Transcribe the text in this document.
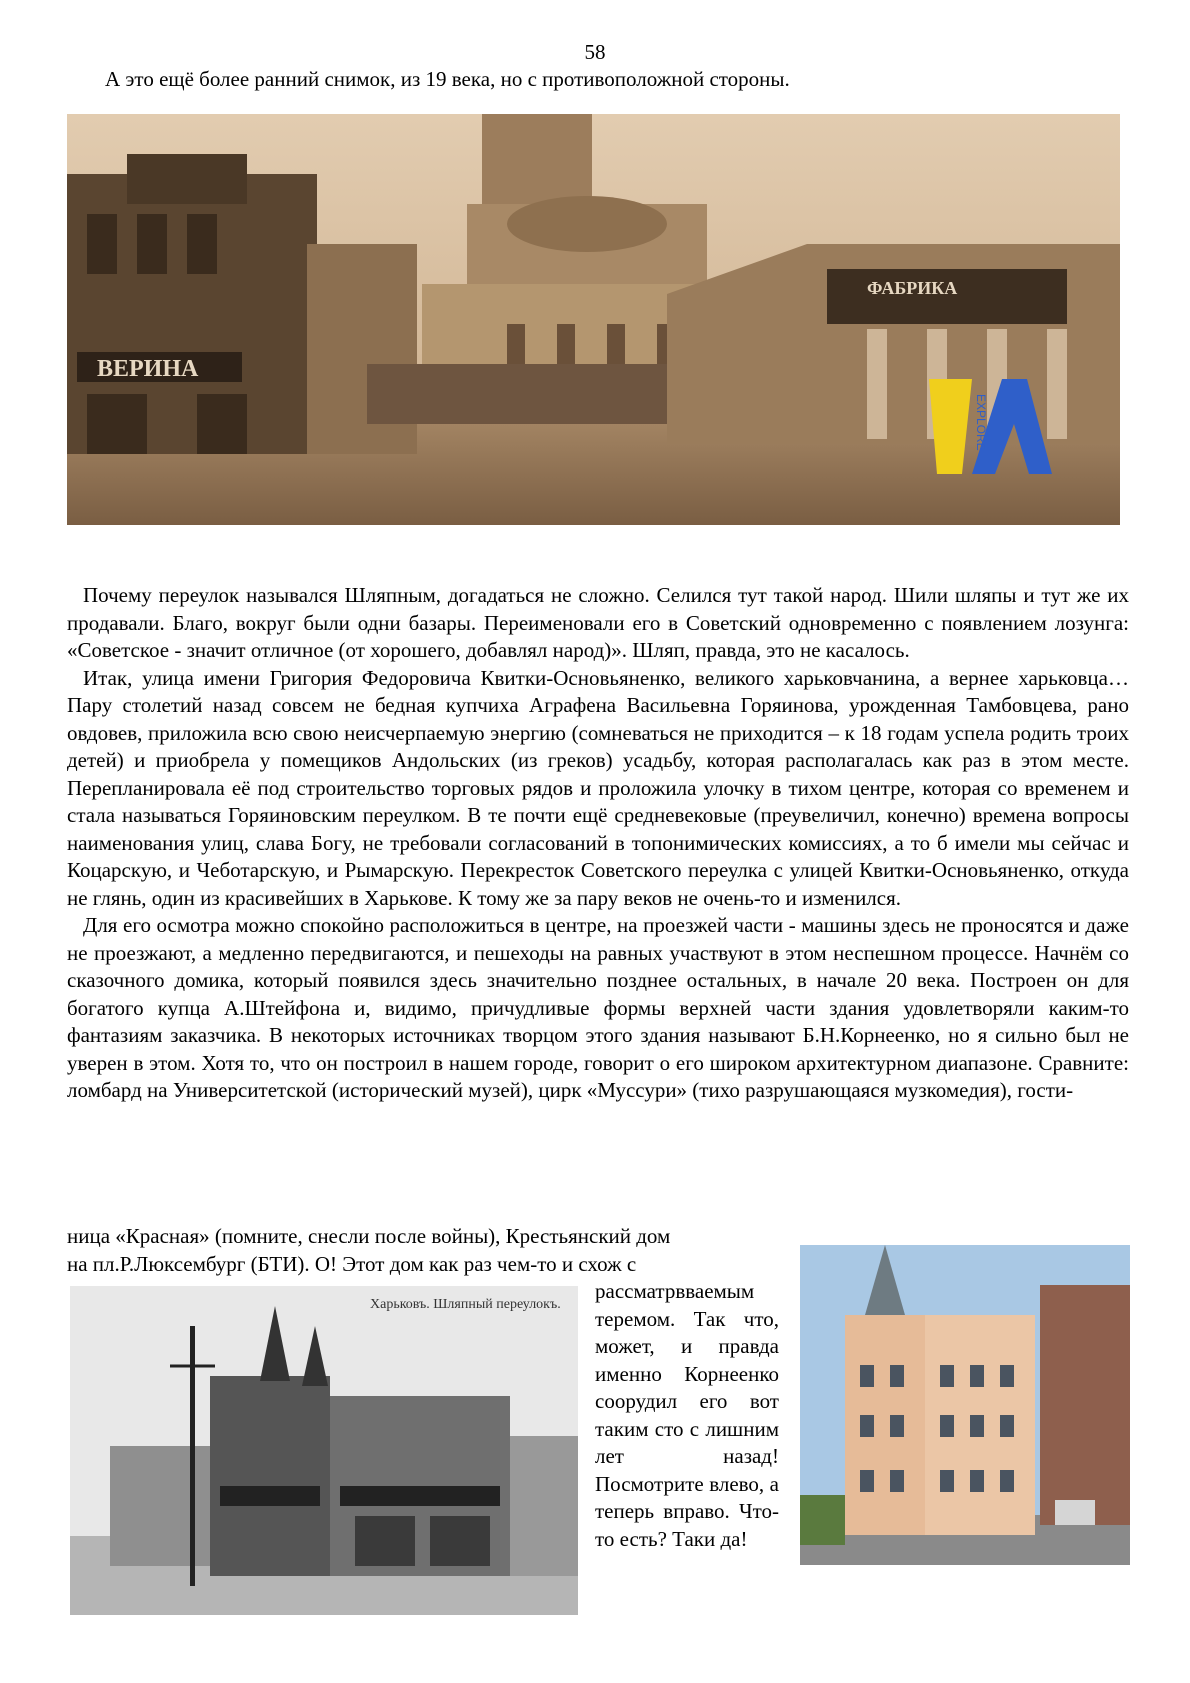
58
А это ещё более ранний снимок, из 19 века, но с противоположной стороны.
ВЕРИНА
ФАБРИКА
EXPLORE

Почему переулок назывался Шляпным, догадаться не сложно. Селился тут такой народ. Шили шляпы и тут же их продавали. Благо, вокруг были одни базары. Переименовали его в Советский одновременно с появлением лозунга: «Советское - значит отличное (от хорошего, добавлял народ)». Шляп, правда, это не касалось.

Итак, улица имени Григория Федоровича Квитки-Основьяненко, великого харьковчанина, а вернее харьковца… Пару столетий назад совсем не бедная купчиха Аграфена Васильевна Горяинова, урожденная Тамбовцева, рано овдовев, приложила всю свою неисчерпаемую энергию (сомневаться не приходится – к 18 годам успела родить троих детей) и приобрела у помещиков Андольских (из греков) усадьбу, которая располагалась как раз в этом месте. Перепланировала её под строительство торговых рядов и проложила улочку в тихом центре, которая со временем и стала называться Горяиновским переулком. В те почти ещё средневековые (преувеличил, конечно) времена вопросы наименования улиц, слава Богу, не требовали согласований в топонимических комиссиях, а то б имели мы сейчас и Коцарскую, и Чеботарскую, и Рымарскую. Перекресток Советского переулка с улицей Квитки-Основьяненко, откуда не глянь, один из красивейших в Харькове. К тому же за пару веков не очень-то и изменился.

Для его осмотра можно спокойно расположиться в центре, на проезжей части - машины здесь не проносятся и даже не проезжают, а медленно передвигаются, и пешеходы на равных участвуют в этом неспешном процессе. Начнём со сказочного домика, который появился здесь значительно позднее остальных, в начале 20 века. Построен он для богатого купца А.Штейфона и, видимо, причудливые формы верхней части здания удовлетворяли каким-то фантазиям заказчика. В некоторых источниках творцом этого здания называют Б.Н.Корнеенко, но я сильно был не уверен в этом. Хотя то, что он построил в нашем городе, говорит о его широком архитектурном диапазоне. Сравните: ломбард на Университетской (исторический музей), цирк «Муссури» (тихо разрушающаяся музкомедия), гости-

ница «Красная» (помните, снесли после войны), Крестьянский дом
на пл.Р.Люксембург (БТИ). О! Этот дом как раз чем-то и схож с
рассматрвваемым теремом. Так что, может, и правда именно Корнеенко соорудил его вот таким сто с лишним лет назад! Посмотрите влево, а теперь вправо. Что-то есть? Таки да!
Харьковъ. Шляпный переулокъ.
